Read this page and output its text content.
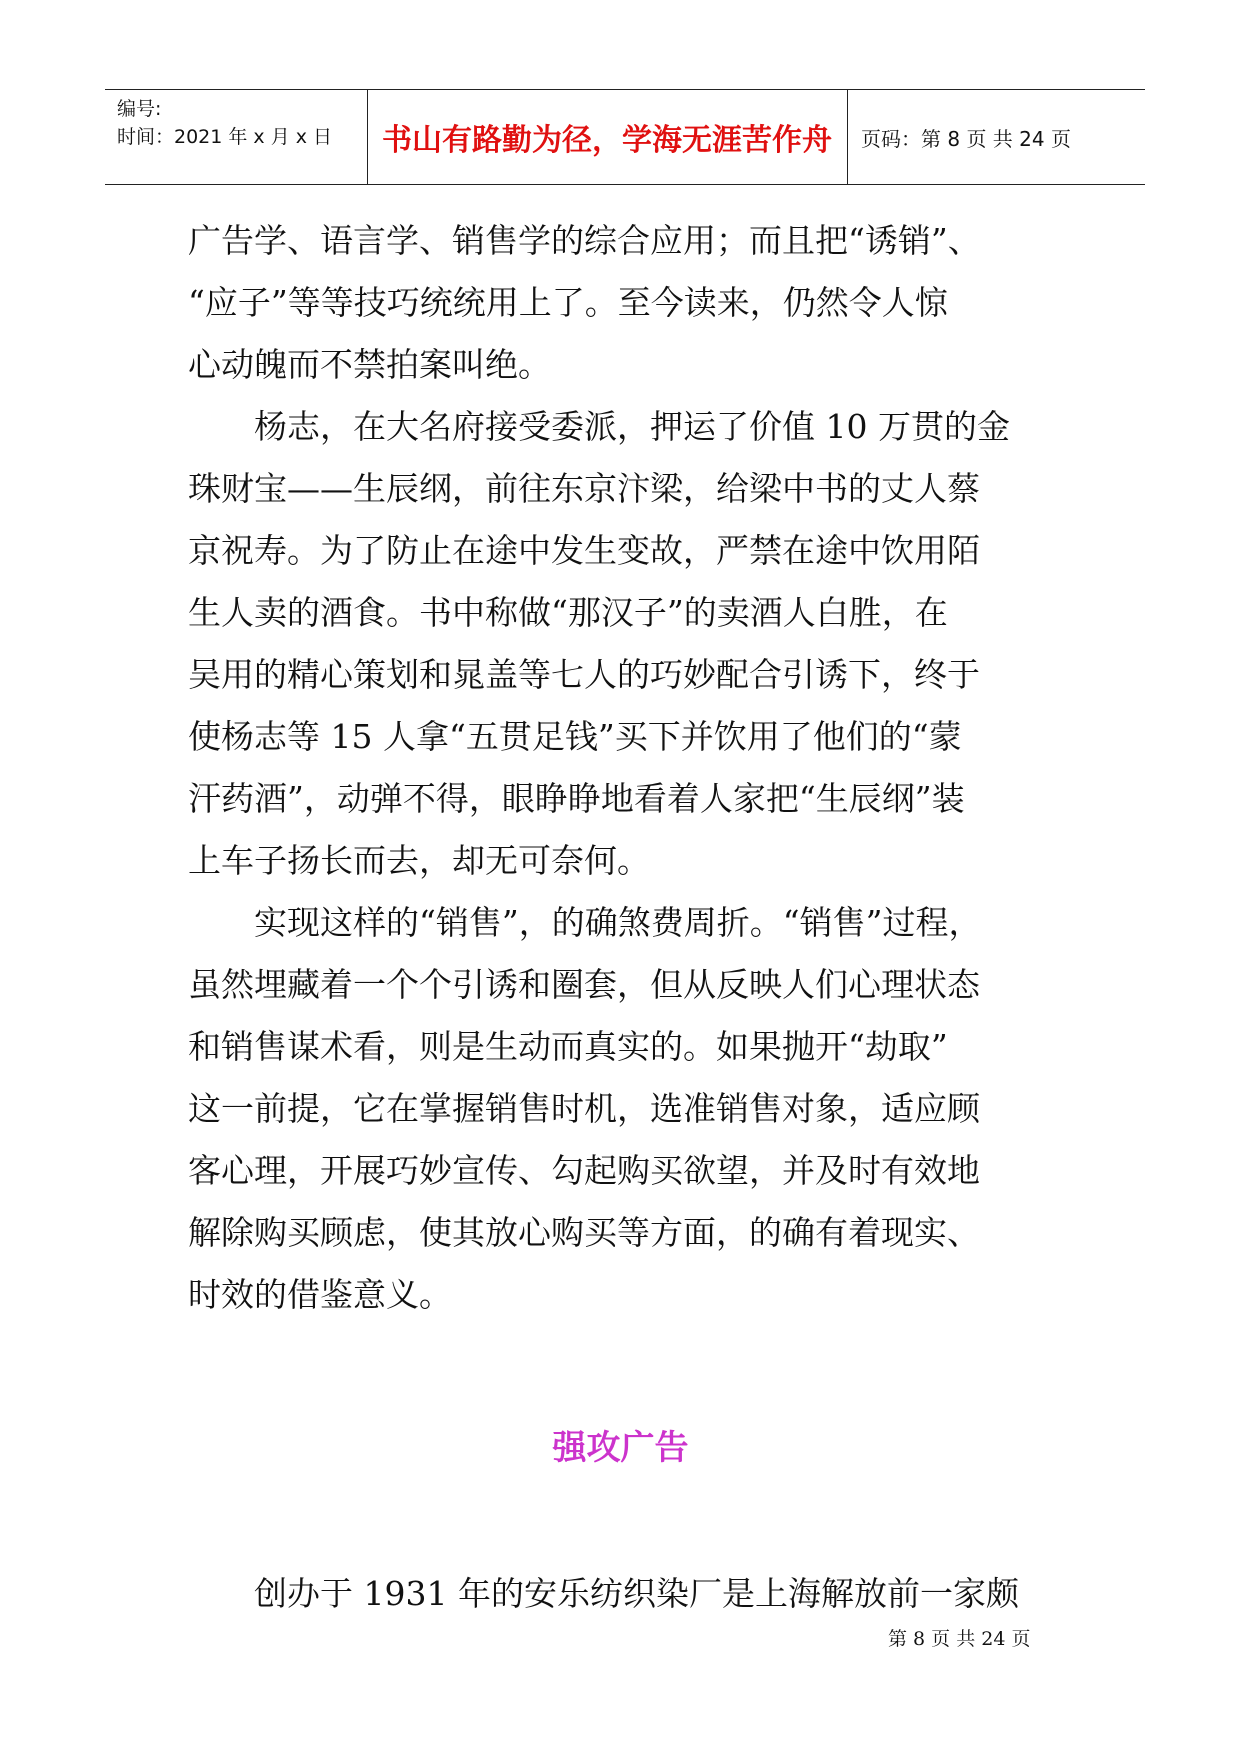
编号:
时间：2021 年 x 月 x 日	书山有路勤为径，学海无涯苦作舟	页码：第 8 页 共 24 页

广告学、语言学、销售学的综合应用；而且把“诱销”、

“应子”等等技巧统统用上了。至今读来，仍然令人惊

心动魄而不禁拍案叫绝。

　　杨志，在大名府接受委派，押运了价值 10 万贯的金

珠财宝——生辰纲，前往东京汴梁，给梁中书的丈人蔡

京祝寿。为了防止在途中发生变故，严禁在途中饮用陌

生人卖的酒食。书中称做“那汉子”的卖酒人白胜，在

吴用的精心策划和晁盖等七人的巧妙配合引诱下，终于

使杨志等 15 人拿“五贯足钱”买下并饮用了他们的“蒙

汗药酒”，动弹不得，眼睁睁地看着人家把“生辰纲”装

上车子扬长而去，却无可奈何。

　　实现这样的“销售”，的确煞费周折。“销售”过程，

虽然埋藏着一个个引诱和圈套，但从反映人们心理状态

和销售谋术看，则是生动而真实的。如果抛开“劫取”

这一前提，它在掌握销售时机，选准销售对象，适应顾

客心理，开展巧妙宣传、勾起购买欲望，并及时有效地

解除购买顾虑，使其放心购买等方面，的确有着现实、

时效的借鉴意义。

强攻广告
　　创办于 1931 年的安乐纺织染厂是上海解放前一家颇
第 8 页 共 24 页
